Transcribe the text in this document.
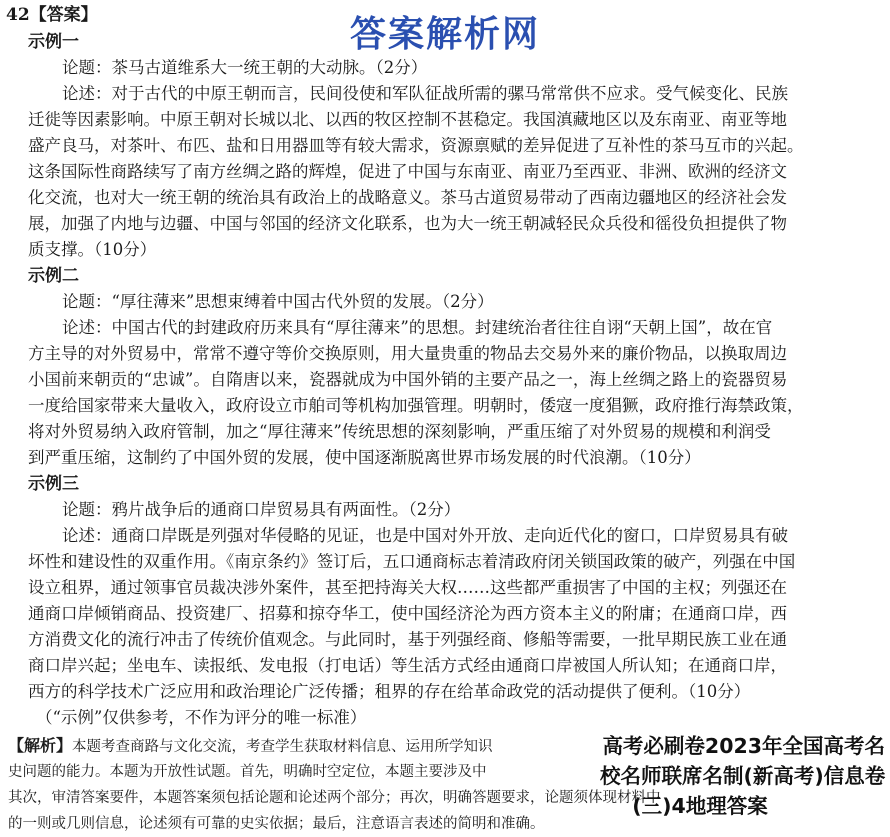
答案解析网
42【答案】
示例一
论题：茶马古道维系大一统王朝的大动脉。（2分）
论述：对于古代的中原王朝而言，民间役使和军队征战所需的骡马常常供不应求。受气候变化、民族
迁徙等因素影响。中原王朝对长城以北、以西的牧区控制不甚稳定。我国滇藏地区以及东南亚、南亚等地
盛产良马，对茶叶、布匹、盐和日用器皿等有较大需求，资源禀赋的差异促进了互补性的茶马互市的兴起。
这条国际性商路续写了南方丝绸之路的辉煌，促进了中国与东南亚、南亚乃至西亚、非洲、欧洲的经济文
化交流，也对大一统王朝的统治具有政治上的战略意义。茶马古道贸易带动了西南边疆地区的经济社会发
展，加强了内地与边疆、中国与邻国的经济文化联系，也为大一统王朝减轻民众兵役和徭役负担提供了物
质支撑。（10分）
示例二
论题：“厚往薄来”思想束缚着中国古代外贸的发展。（2分）
论述：中国古代的封建政府历来具有“厚往薄来”的思想。封建统治者往往自诩“天朝上国”，故在官
方主导的对外贸易中，常常不遵守等价交换原则，用大量贵重的物品去交易外来的廉价物品，以换取周边
小国前来朝贡的“忠诚”。自隋唐以来，瓷器就成为中国外销的主要产品之一，海上丝绸之路上的瓷器贸易
一度给国家带来大量收入，政府设立市舶司等机构加强管理。明朝时，倭寇一度猖獗，政府推行海禁政策，
将对外贸易纳入政府管制，加之“厚往薄来”传统思想的深刻影响，严重压缩了对外贸易的规模和利润受
到严重压缩，这制约了中国外贸的发展，使中国逐渐脱离世界市场发展的时代浪潮。（10分）
示例三
论题：鸦片战争后的通商口岸贸易具有两面性。（2分）
论述：通商口岸既是列强对华侵略的见证，也是中国对外开放、走向近代化的窗口，口岸贸易具有破
坏性和建设性的双重作用。《南京条约》签订后，五口通商标志着清政府闭关锁国政策的破产，列强在中国
设立租界，通过领事官员裁决涉外案件，甚至把持海关大权……这些都严重损害了中国的主权；列强还在
通商口岸倾销商品、投资建厂、招募和掠夺华工，使中国经济沦为西方资本主义的附庸；在通商口岸，西
方消费文化的流行冲击了传统价值观念。与此同时，基于列强经商、修船等需要，一批早期民族工业在通
商口岸兴起；坐电车、读报纸、发电报（打电话）等生活方式经由通商口岸被国人所认知；在通商口岸，
西方的科学技术广泛应用和政治理论广泛传播；租界的存在给革命政党的活动提供了便利。（10分）
（“示例”仅供参考，不作为评分的唯一标准）
【解析】本题考查商路与文化交流，考查学生获取材料信息、运用所学知识
史问题的能力。本题为开放性试题。首先，明确时空定位，本题主要涉及中
其次，审清答案要件，本题答案须包括论题和论述两个部分；再次，明确答题要求，论题须体现材料中
的一则或几则信息，论述须有可靠的史实依据；最后，注意语言表述的简明和准确。
高考必刷卷2023年全国高考名
校名师联席名制(新高考)信息卷
(三)4地理答案
